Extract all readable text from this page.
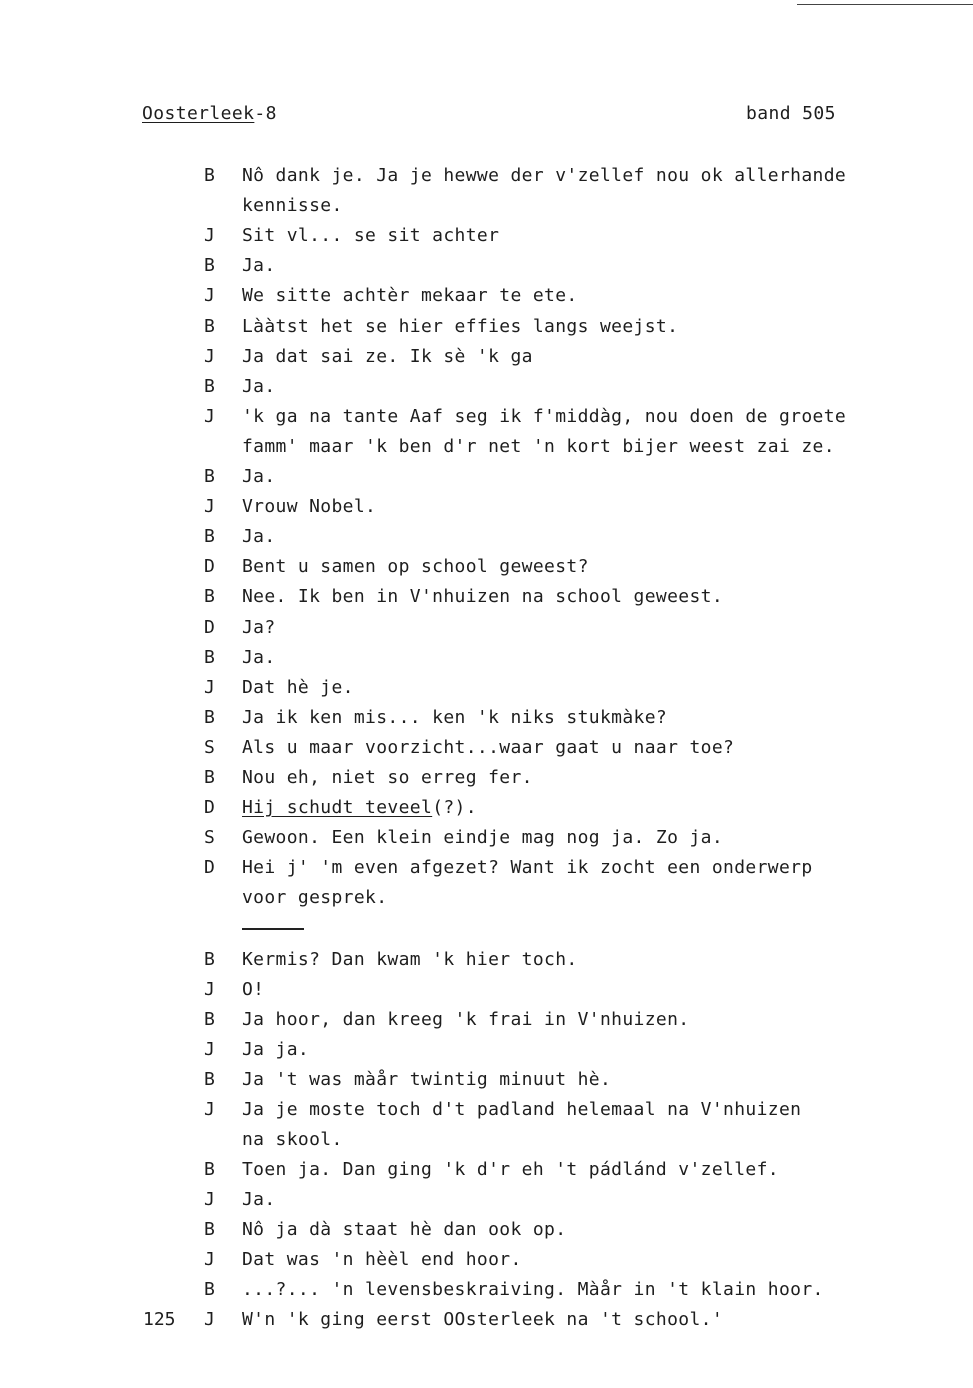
Oosterleek-8	band 505
B Nô dank je. Ja je hewwe der v'zellef nou ok allerhande
kennisse.
J Sit vl... se sit achter
B Ja.
J We sitte achtèr mekaar te ete.
B Lààtst het se hier effies langs weejst.
J Ja dat sai ze. Ik sè 'k ga
B Ja.
J 'k ga na tante Aaf seg ik f'middàg, nou doen de groete
famm' maar 'k ben d'r net 'n kort bijer weest zai ze.
B Ja.
J Vrouw Nobel.
B Ja.
D Bent u samen op school geweest?
B Nee. Ik ben in V'nhuizen na school geweest.
D Ja?
B Ja.
J Dat hè je.
B Ja ik ken mis... ken 'k niks stukmàke?
S Als u maar voorzicht...waar gaat u naar toe?
B Nou eh, niet so erreg fer.
D Hij schudt teveel(?).
S Gewoon. Een klein eindje mag nog ja. Zo ja.
D Hei j' 'm even afgezet? Want ik zocht een onderwerp
voor gesprek.
B Kermis? Dan kwam 'k hier toch.
J O!
B Ja hoor, dan kreeg 'k frai in V'nhuizen.
J Ja ja.
B Ja 't was màår twintig minuut hè.
J Ja je moste toch d't padland helemaal na V'nhuizen
na skool.
B Toen ja. Dan ging 'k d'r eh 't pádlánd v'zellef.
J Ja.
B Nô ja dà staat hè dan ook op.
J Dat was 'n hèèl end hoor.
B ...?... 'n levensbeskraiving. Màår in 't klain hoor.
J W'n 'k ging eerst OOsterleek na 't school.'
125
